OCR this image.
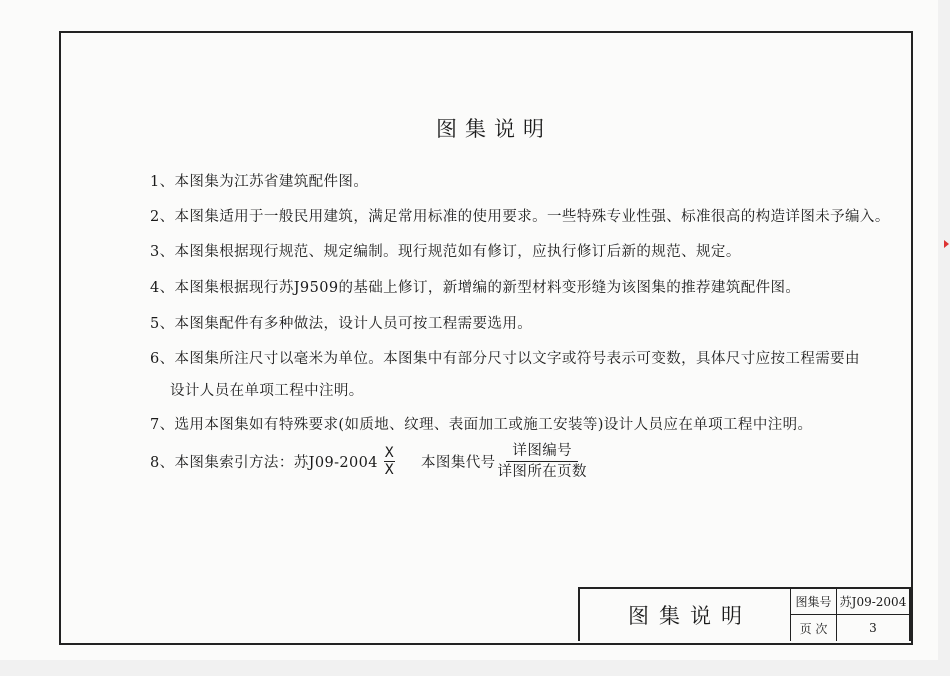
图集说明
1、本图集为江苏省建筑配件图。
2、本图集适用于一般民用建筑，满足常用标准的使用要求。一些特殊专业性强、标准很高的构造详图未予编入。
3、本图集根据现行规范、规定编制。现行规范如有修订，应执行修订后新的规范、规定。
4、本图集根据现行苏J9509的基础上修订，新增编的新型材料变形缝为该图集的推荐建筑配件图。
5、本图集配件有多种做法，设计人员可按工程需要选用。
6、本图集所注尺寸以毫米为单位。本图集中有部分尺寸以文字或符号表示可变数，具体尺寸应按工程需要由
设计人员在单项工程中注明。
7、选用本图集如有特殊要求(如质地、纹理、表面加工或施工安装等)设计人员应在单项工程中注明。
8、本图集索引方法：苏$J09-2004 \frac{X}{X}$ 本图集代号 $\frac{\text{详图编号}}{\text{详图所在页数}}$
图集说明
图集号 苏J09-2004
页 次	3
